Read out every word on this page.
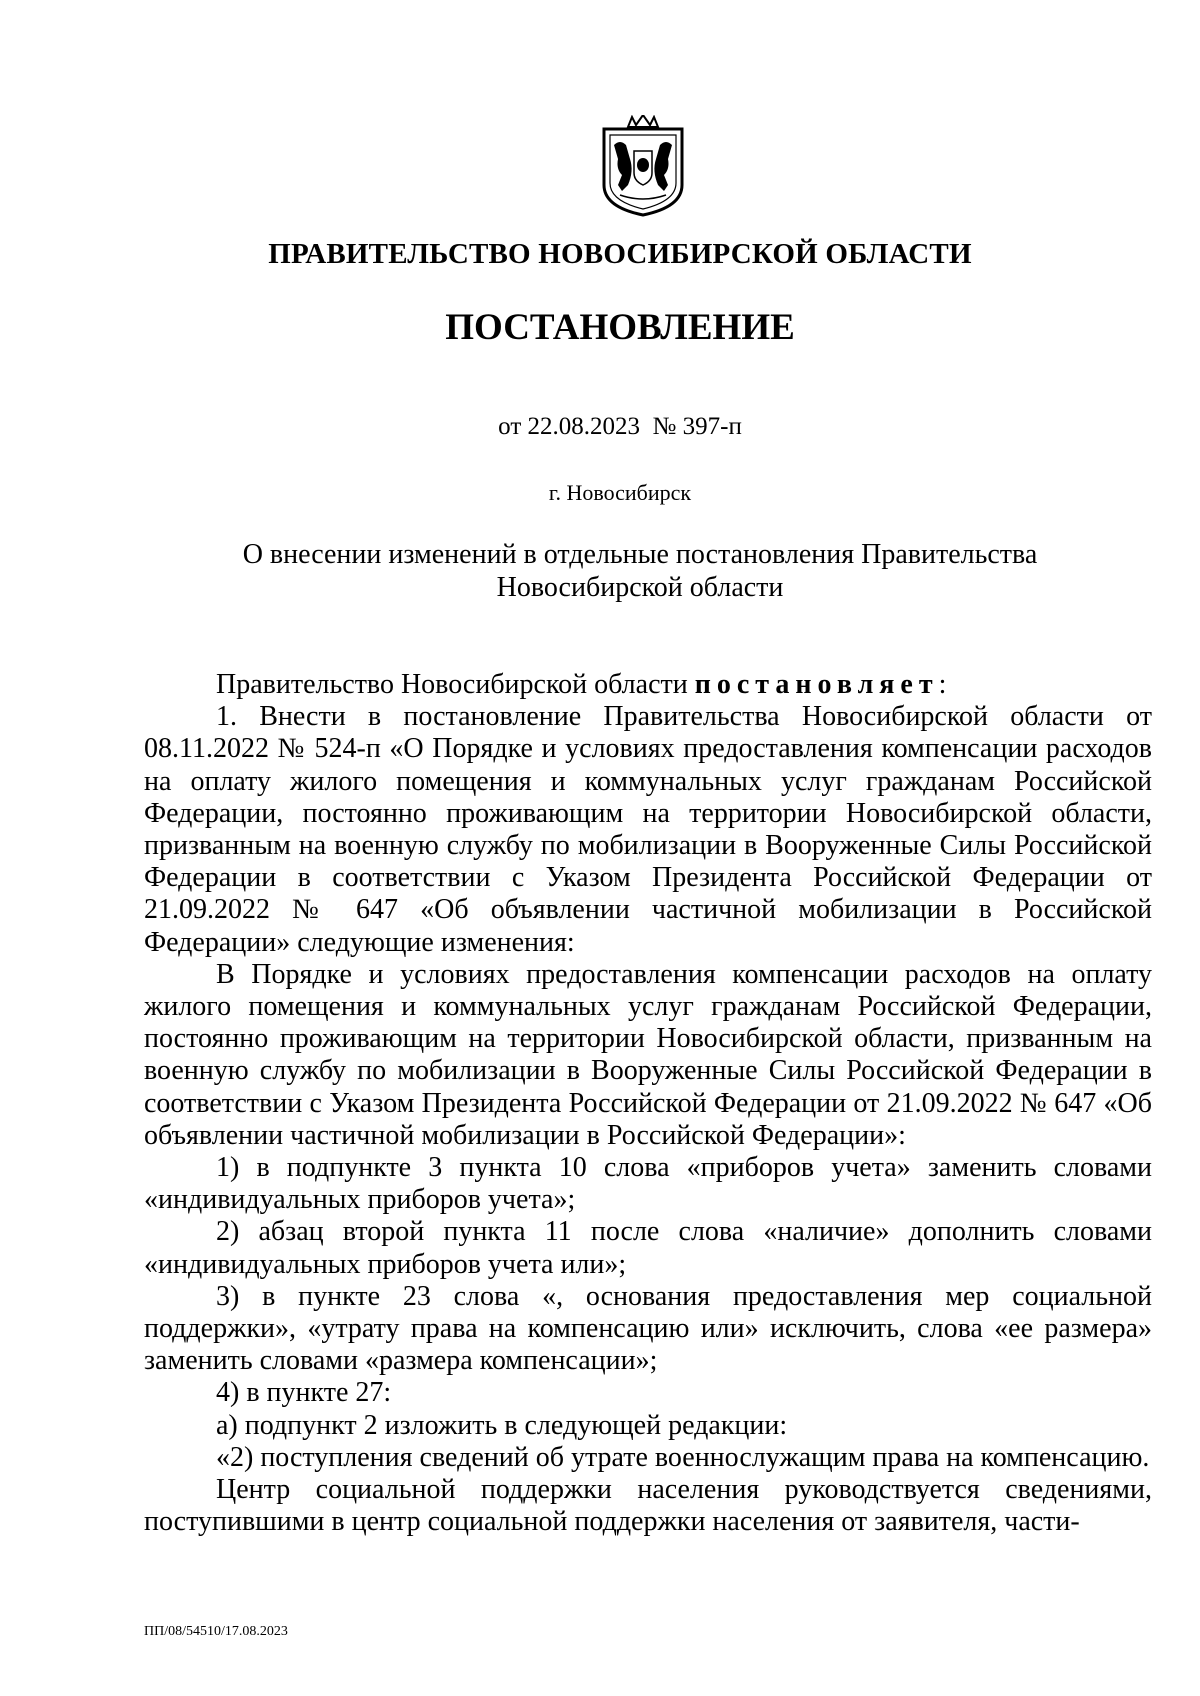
ПРАВИТЕЛЬСТВО НОВОСИБИРСКОЙ ОБЛАСТИ
ПОСТАНОВЛЕНИЕ
от 22.08.2023  № 397-п
г. Новосибирск
О внесении изменений в отдельные постановления Правительства
Новосибирской области

Правительство Новосибирской области постановляет:

1. Внести в постановление Правительства Новосибирской области от 08.11.2022 № 524-п «О Порядке и условиях предоставления компенсации расходов на оплату жилого помещения и коммунальных услуг гражданам Российской Федерации, постоянно проживающим на территории Новосибирской области, призванным на военную службу по мобилизации в Вооруженные Силы Российской Федерации в соответствии с Указом Президента Российской Федерации от 21.09.2022 № 647 «Об объявлении частичной мобилизации в Российской Федерации» следующие изменения:

В Порядке и условиях предоставления компенсации расходов на оплату жилого помещения и коммунальных услуг гражданам Российской Федерации, постоянно проживающим на территории Новосибирской области, призванным на военную службу по мобилизации в Вооруженные Силы Российской Федерации в соответствии с Указом Президента Российской Федерации от 21.09.2022 № 647 «Об объявлении частичной мобилизации в Российской Федерации»:

1) в подпункте 3 пункта 10 слова «приборов учета» заменить словами «индивидуальных приборов учета»;

2) абзац второй пункта 11 после слова «наличие» дополнить словами «индивидуальных приборов учета или»;

3) в пункте 23 слова «, основания предоставления мер социальной поддержки», «утрату права на компенсацию или» исключить, слова «ее размера» заменить словами «размера компенсации»;

4) в пункте 27:

а) подпункт 2 изложить в следующей редакции:

«2) поступления сведений об утрате военнослужащим права на компенсацию.

Центр социальной поддержки населения руководствуется сведениями, поступившими в центр социальной поддержки населения от заявителя, части-

ПП/08/54510/17.08.2023
